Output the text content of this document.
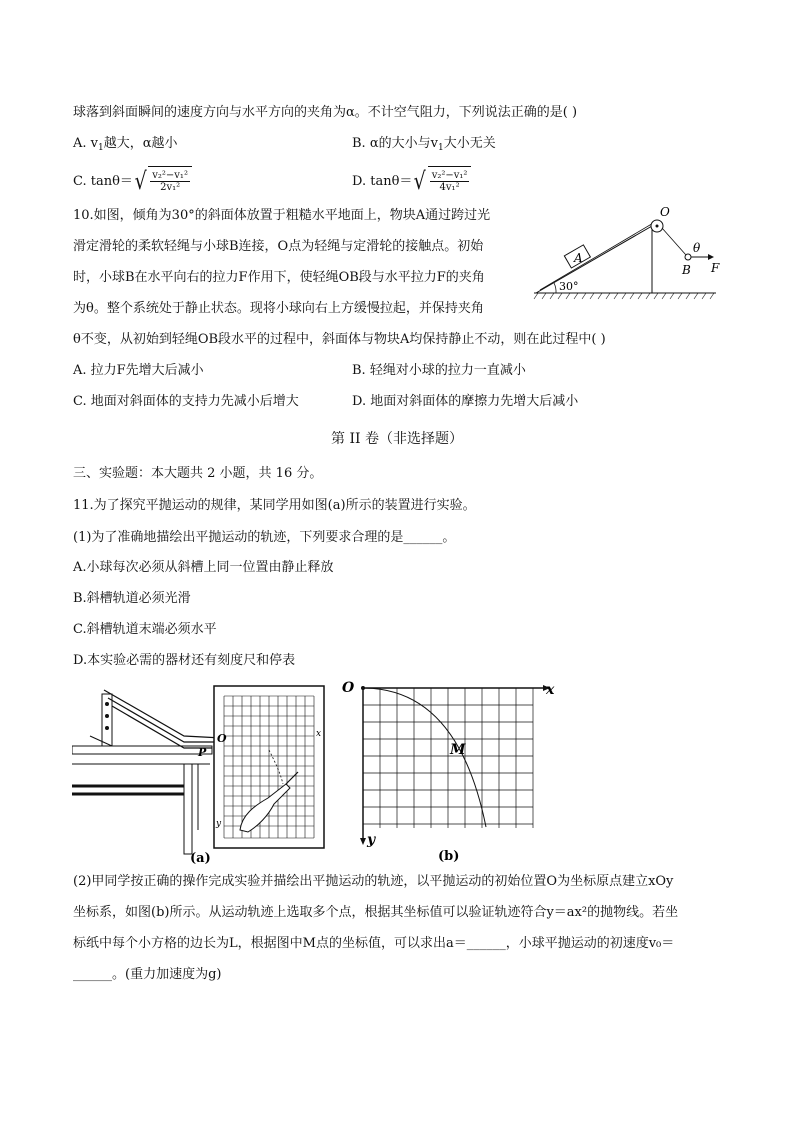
球落到斜面瞬间的速度方向与水平方向的夹角为α。不计空气阻力，下列说法正确的是( )
A. $v_1$越大，α越小	B. α的大小与$v_1$大小无关
C. tanθ＝ √ $\frac{\text{v₂²−v₁²}}{\text{2v₁²}}$	D. tanθ＝ √ $\frac{\text{v₂²−v₁²}}{\text{4v₁²}}$
10.如图，倾角为30°的斜面体放置于粗糙水平地面上，物块A通过跨过光
滑定滑轮的柔软轻绳与小球B连接，O点为轻绳与定滑轮的接触点。初始
时，小球B在水平向右的拉力F作用下，使轻绳OB段与水平拉力F的夹角
为θ。整个系统处于静止状态。现将小球向右上方缓慢拉起，并保持夹角
θ不变，从初始到轻绳OB段水平的过程中，斜面体与物块A均保持静止不动，则在此过程中( )
30°
A
O
B F
θ
A. 拉力F先增大后减小	B. 轻绳对小球的拉力一直减小
C. 地面对斜面体的支持力先减小后增大	D. 地面对斜面体的摩擦力先增大后减小
第 II 卷（非选择题）
三、实验题：本大题共 2 小题，共 16 分。
11.为了探究平抛运动的规律，某同学用如图(a)所示的装置进行实验。
(1)为了准确地描绘出平抛运动的轨迹，下列要求合理的是______。
A.小球每次必须从斜槽上同一位置由静止释放
B.斜槽轨道必须光滑
C.斜槽轨道末端必须水平
D.本实验必需的器材还有刻度尺和停表
P
x
y
O
(a)
O	x
y
M
(b)
(2)甲同学按正确的操作完成实验并描绘出平抛运动的轨迹，以平抛运动的初始位置O为坐标原点建立xOy
坐标系，如图(b)所示。从运动轨迹上选取多个点，根据其坐标值可以验证轨迹符合y＝ax²的抛物线。若坐
标纸中每个小方格的边长为L，根据图中M点的坐标值，可以求出a＝______，小球平抛运动的初速度v₀＝
______。(重力加速度为g)
